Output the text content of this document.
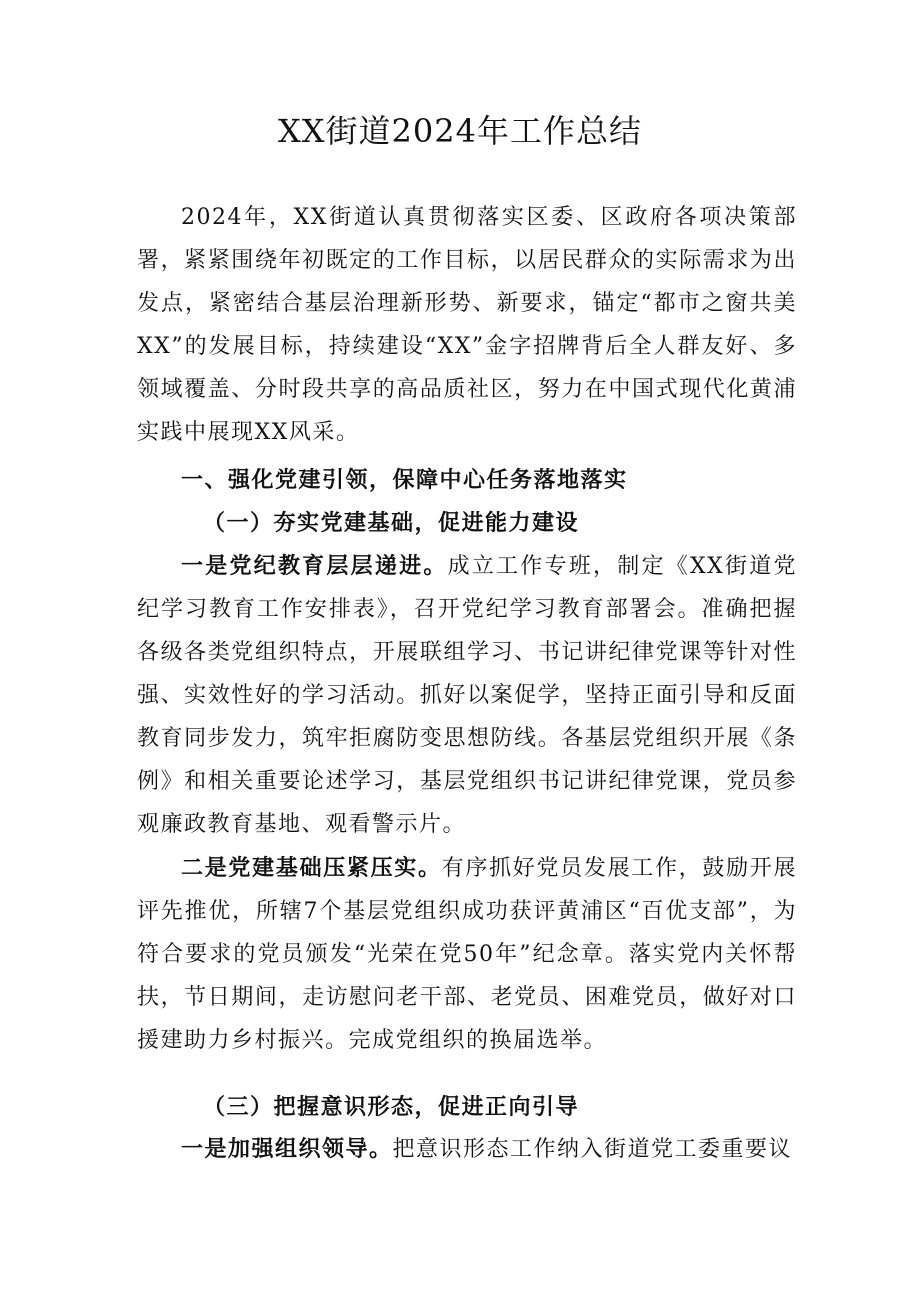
XX街道2024年工作总结

2024年，XX街道认真贯彻落实区委、区政府各项决策部署，紧紧围绕年初既定的工作目标，以居民群众的实际需求为出发点，紧密结合基层治理新形势、新要求，锚定“都市之窗共美XX”的发展目标，持续建设“XX”金字招牌背后全人群友好、多领域覆盖、分时段共享的高品质社区，努力在中国式现代化黄浦实践中展现XX风采。

一、强化党建引领，保障中心任务落地落实
（一）夯实党建基础，促进能力建设

一是党纪教育层层递进。成立工作专班，制定《XX街道党纪学习教育工作安排表》，召开党纪学习教育部署会。准确把握各级各类党组织特点，开展联组学习、书记讲纪律党课等针对性强、实效性好的学习活动。抓好以案促学，坚持正面引导和反面教育同步发力，筑牢拒腐防变思想防线。各基层党组织开展《条例》和相关重要论述学习，基层党组织书记讲纪律党课，党员参观廉政教育基地、观看警示片。

二是党建基础压紧压实。有序抓好党员发展工作，鼓励开展评先推优，所辖7个基层党组织成功获评黄浦区“百优支部”，为符合要求的党员颁发“光荣在党50年”纪念章。落实党内关怀帮扶，节日期间，走访慰问老干部、老党员、困难党员，做好对口援建助力乡村振兴。完成党组织的换届选举。

（三）把握意识形态，促进正向引导

一是加强组织领导。把意识形态工作纳入街道党工委重要议
